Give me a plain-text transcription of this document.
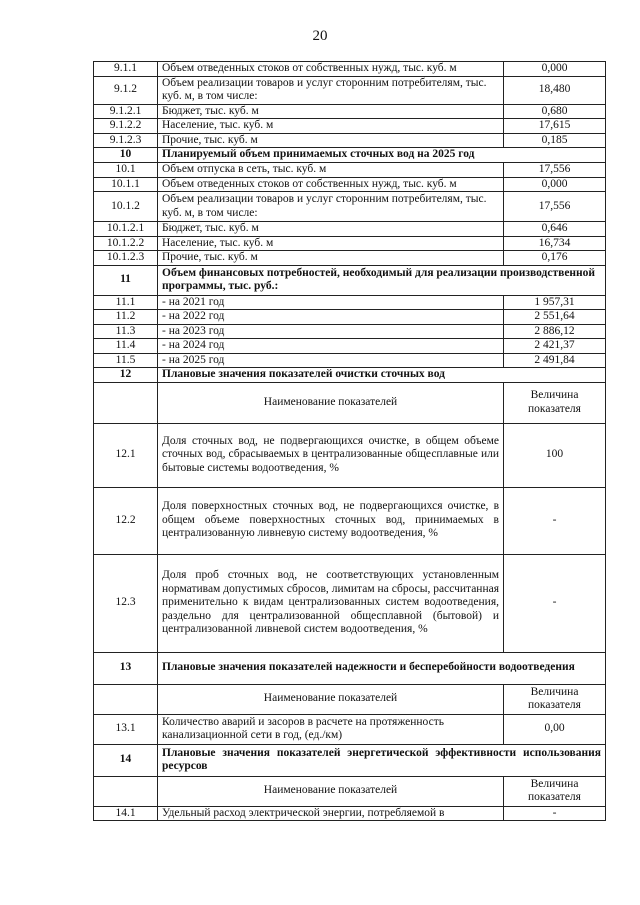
20
9.1.1	Объем отведенных стоков от собственных нужд, тыс. куб. м	0,000
9.1.2	Объем реализации товаров и услуг сторонним потребителям, тыс. куб. м, в том числе:	18,480
9.1.2.1	Бюджет, тыс. куб. м	0,680
9.1.2.2	Население, тыс. куб. м	17,615
9.1.2.3	Прочие, тыс. куб. м	0,185
10	Планируемый объем принимаемых сточных вод на 2025 год	
10.1	Объем отпуска в сеть, тыс. куб. м	17,556
10.1.1	Объем отведенных стоков от собственных нужд, тыс. куб. м	0,000
10.1.2	Объем реализации товаров и услуг сторонним потребителям, тыс. куб. м, в том числе:	17,556
10.1.2.1	Бюджет, тыс. куб. м	0,646
10.1.2.2	Население, тыс. куб. м	16,734
10.1.2.3	Прочие, тыс. куб. м	0,176
11	Объем финансовых потребностей, необходимый для реализации производственной программы, тыс. руб.:	
11.1	- на 2021 год	1 957,31
11.2	- на 2022 год	2 551,64
11.3	- на 2023 год	2 886,12
11.4	- на 2024 год	2 421,37
11.5	- на 2025 год	2 491,84
12	Плановые значения показателей очистки сточных вод	
	Наименование показателей	Величина показателя
12.1	Доля сточных вод, не подвергающихся очистке, в общем объеме сточных вод, сбрасываемых в централизованные общесплавные или бытовые системы водоотведения, %	100
12.2	Доля поверхностных сточных вод, не подвергающихся очистке, в общем объеме поверхностных сточных вод, принимаемых в централизованную ливневую систему водоотведения, %	-
12.3	Доля проб сточных вод, не соответствующих установленным нормативам допустимых сбросов, лимитам на сбросы, рассчитанная применительно к видам централизованных систем водоотведения, раздельно для централизованной общесплавной (бытовой) и централизованной ливневой систем водоотведения, %	-
13	Плановые значения показателей надежности и бесперебойности водоотведения	
	Наименование показателей	Величина показателя
13.1	Количество аварий и засоров в расчете на протяженность канализационной сети в год, (ед./км)	0,00
14	Плановые значения показателей энергетической эффективности использования ресурсов	
	Наименование показателей	Величина показателя
14.1	Удельный расход электрической энергии, потребляемой в	-
